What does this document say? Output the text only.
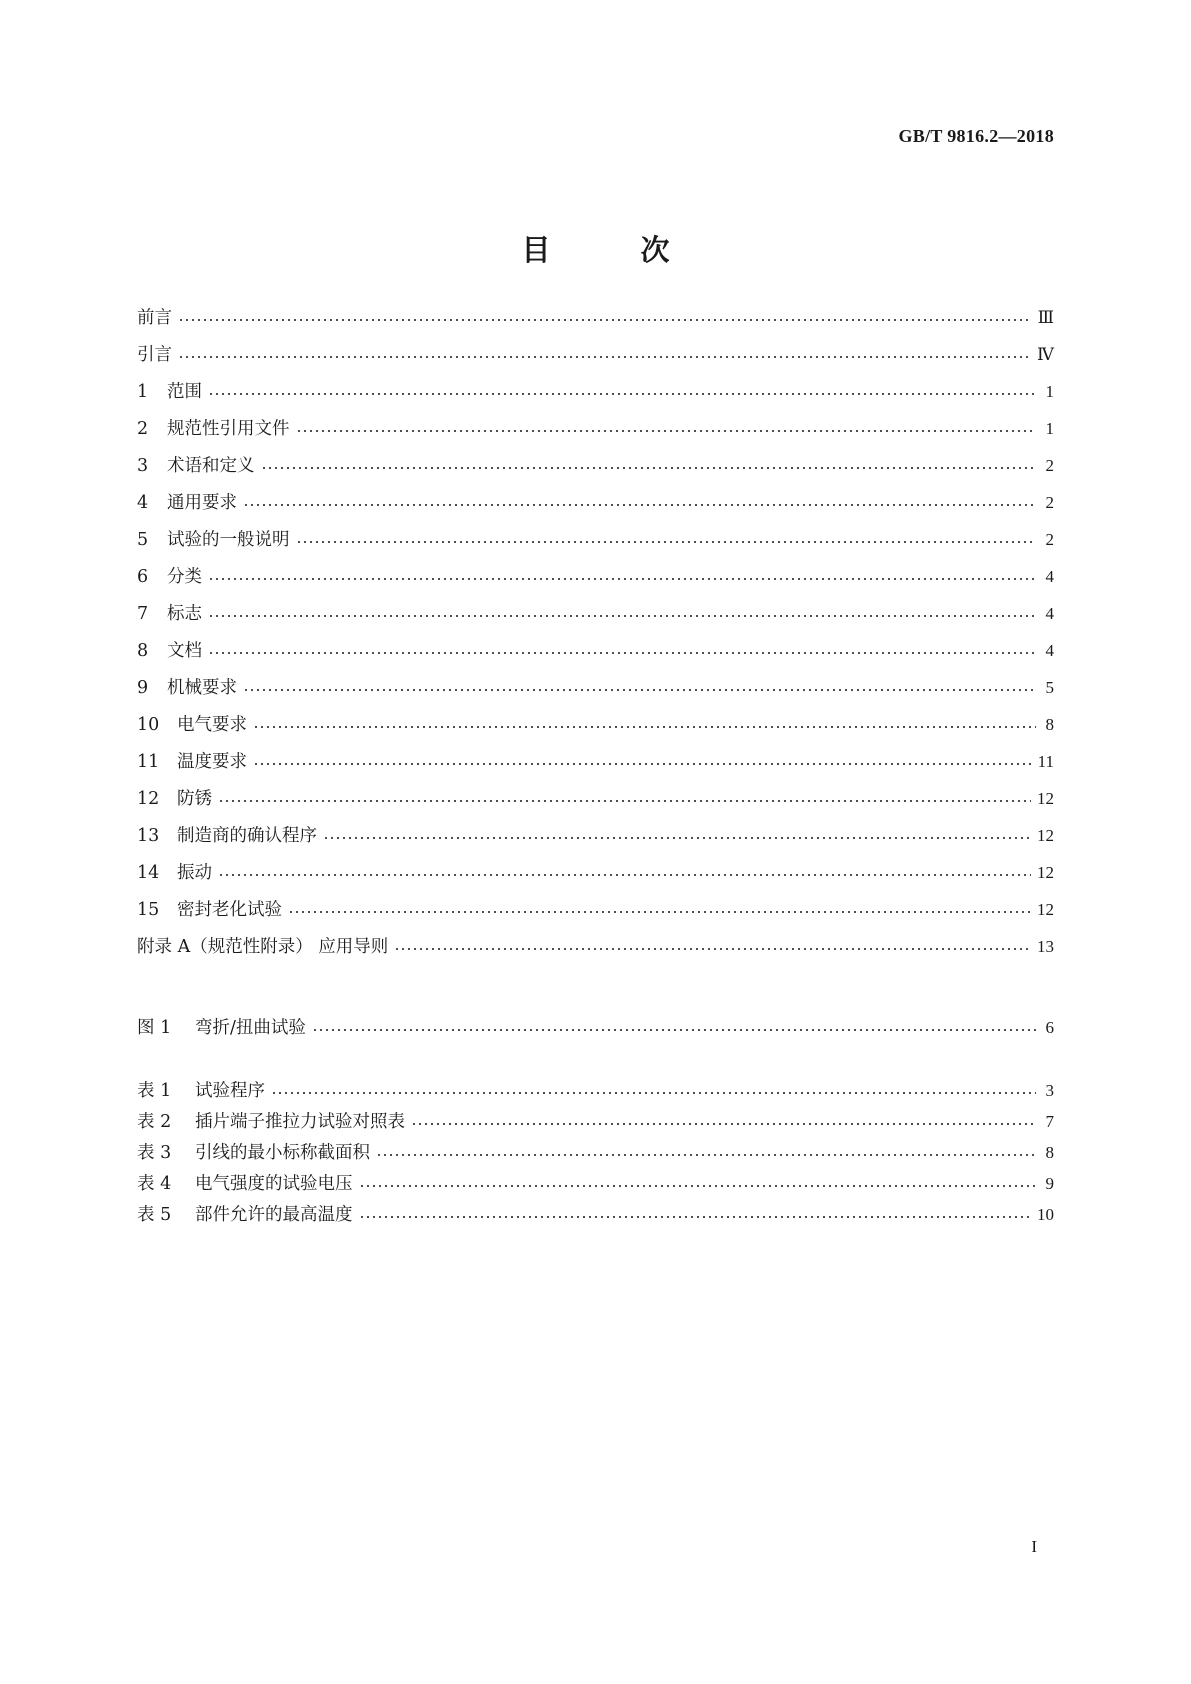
GB/T 9816.2—2018
目 次
前言	Ⅲ
引言	Ⅳ
1	范围	1
2	规范性引用文件	1
3	术语和定义	2
4	通用要求	2
5	试验的一般说明	2
6	分类	4
7	标志	4
8	文档	4
9	机械要求	5
10	电气要求	8
11	温度要求	11
12	防锈	12
13	制造商的确认程序	12
14	振动	12
15	密封老化试验	12
附录 A （规范性附录） 应用导则	13
图 1	弯折/扭曲试验	6
表 1	试验程序	3
表 2	插片端子推拉力试验对照表	7
表 3	引线的最小标称截面积	8
表 4	电气强度的试验电压	9
表 5	部件允许的最高温度	10
I
